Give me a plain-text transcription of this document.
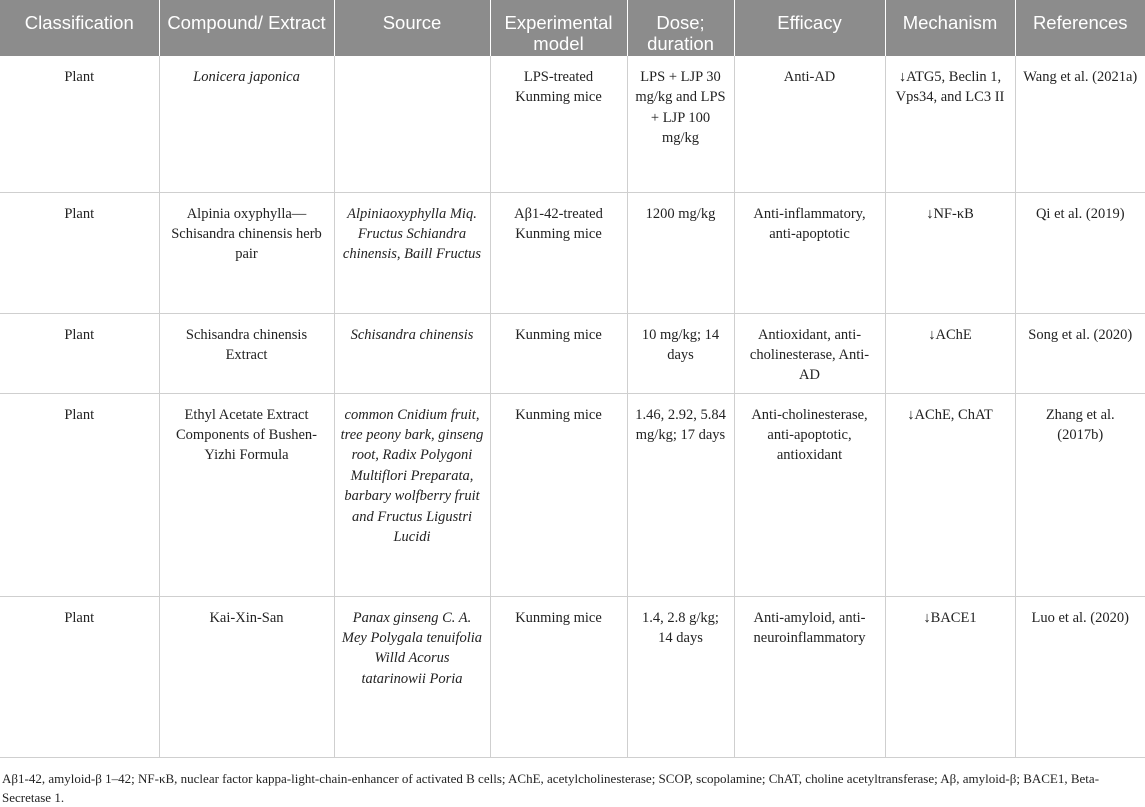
Classification	Compound/ Extract	Source	Experimental model	Dose; duration	Efficacy	Mechanism	References
Plant	Lonicera japonica		LPS-treated Kunming mice	LPS + LJP 30 mg/kg and LPS + LJP 100 mg/kg	Anti-AD	↓ATG5, Beclin 1, Vps34, and LC3 II	Wang et al. (2021a)
Plant	Alpinia oxyphylla—Schisandra chinensis herb pair	Alpiniaoxyphylla Miq. Fructus Schiandra chinensis, Baill Fructus	Aβ1-42-treated Kunming mice	1200 mg/kg	Anti-inflammatory, anti-apoptotic	↓NF-κB	Qi et al. (2019)
Plant	Schisandra chinensis Extract	Schisandra chinensis	Kunming mice	10 mg/kg; 14 days	Antioxidant, anti-cholinesterase, Anti-AD	↓AChE	Song et al. (2020)
Plant	Ethyl Acetate Extract Components of Bushen-Yizhi Formula	common Cnidium fruit, tree peony bark, ginseng root, Radix Polygoni Multiflori Preparata, barbary wolfberry fruit and Fructus Ligustri Lucidi	Kunming mice	1.46, 2.92, 5.84 mg/kg; 17 days	Anti-cholinesterase, anti-apoptotic, antioxidant	↓AChE, ChAT	Zhang et al. (2017b)
Plant	Kai-Xin-San	Panax ginseng C. A. Mey Polygala tenuifolia Willd Acorus tatarinowii Poria	Kunming mice	1.4, 2.8 g/kg; 14 days	Anti-amyloid, anti-neuroinflammatory	↓BACE1	Luo et al. (2020)
Aβ1-42, amyloid-β 1–42; NF-κB, nuclear factor kappa-light-chain-enhancer of activated B cells; AChE, acetylcholinesterase; SCOP, scopolamine; ChAT, choline acetyltransferase; Aβ, amyloid-β; BACE1, Beta-Secretase 1.
